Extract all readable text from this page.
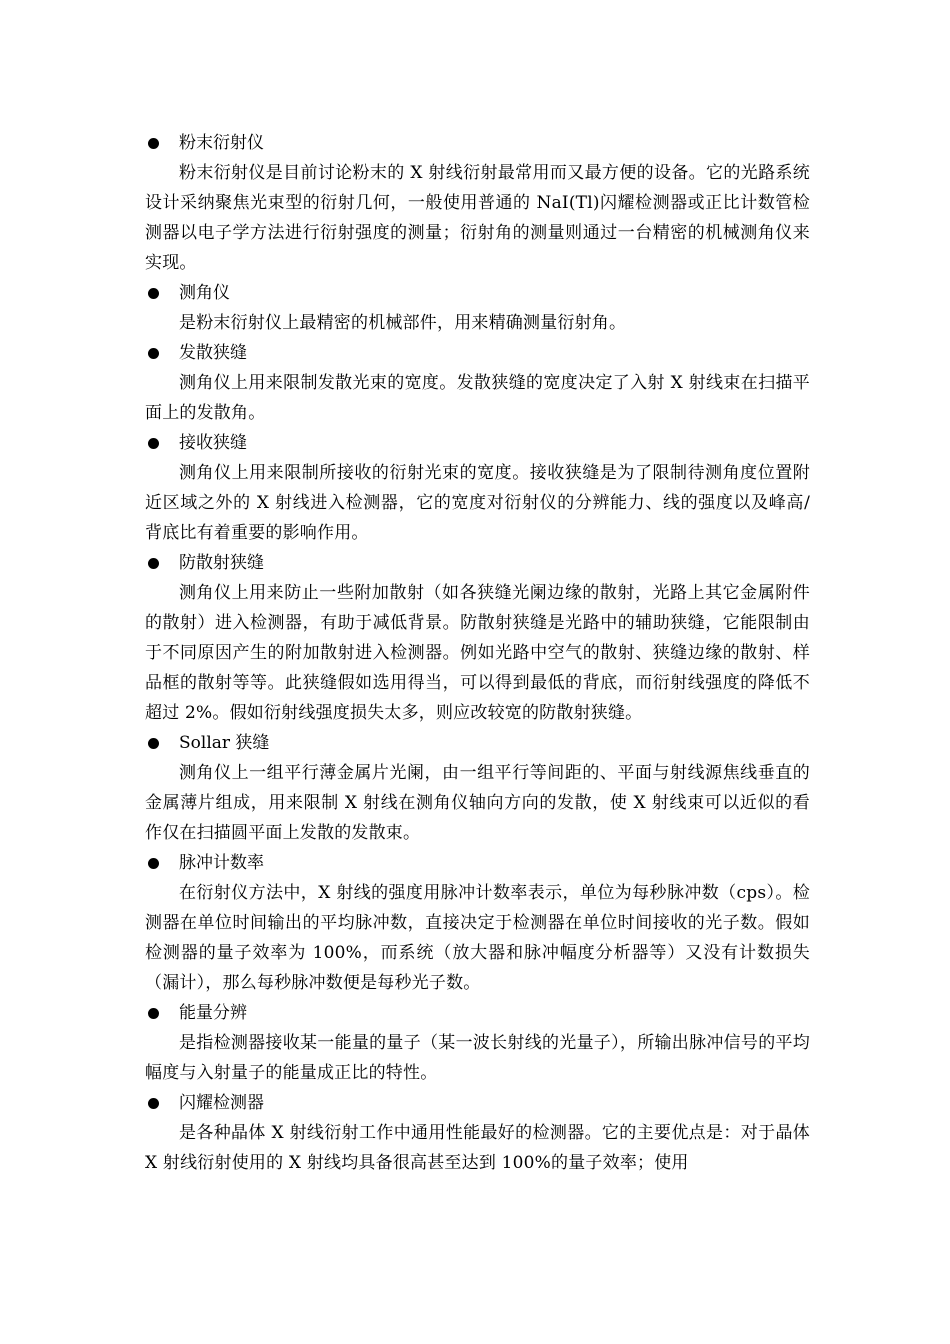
粉末衍射仪

粉末衍射仪是目前讨论粉末的 X 射线衍射最常用而又最方便的设备。它的光路系统设计采纳聚焦光束型的衍射几何，一般使用普通的 NaI(Tl)闪耀检测器或正比计数管检测器以电子学方法进行衍射强度的测量；衍射角的测量则通过一台精密的机械测角仪来实现。

测角仪

是粉末衍射仪上最精密的机械部件，用来精确测量衍射角。

发散狭缝

测角仪上用来限制发散光束的宽度。发散狭缝的宽度决定了入射 X 射线束在扫描平面上的发散角。

接收狭缝

测角仪上用来限制所接收的衍射光束的宽度。接收狭缝是为了限制待测角度位置附近区域之外的 X 射线进入检测器，它的宽度对衍射仪的分辨能力、线的强度以及峰高/背底比有着重要的影响作用。

防散射狭缝

测角仪上用来防止一些附加散射（如各狭缝光阑边缘的散射，光路上其它金属附件的散射）进入检测器，有助于减低背景。防散射狭缝是光路中的辅助狭缝，它能限制由于不同原因产生的附加散射进入检测器。例如光路中空气的散射、狭缝边缘的散射、样品框的散射等等。此狭缝假如选用得当，可以得到最低的背底，而衍射线强度的降低不超过 2%。假如衍射线强度损失太多，则应改较宽的防散射狭缝。

Sollar 狭缝

测角仪上一组平行薄金属片光阑，由一组平行等间距的、平面与射线源焦线垂直的金属薄片组成，用来限制 X 射线在测角仪轴向方向的发散，使 X 射线束可以近似的看作仅在扫描圆平面上发散的发散束。

脉冲计数率

在衍射仪方法中，X 射线的强度用脉冲计数率表示，单位为每秒脉冲数（cps）。检测器在单位时间输出的平均脉冲数，直接决定于检测器在单位时间接收的光子数。假如检测器的量子效率为 100%，而系统（放大器和脉冲幅度分析器等）又没有计数损失（漏计），那么每秒脉冲数便是每秒光子数。

能量分辨

是指检测器接收某一能量的量子（某一波长射线的光量子），所输出脉冲信号的平均幅度与入射量子的能量成正比的特性。

闪耀检测器

是各种晶体 X 射线衍射工作中通用性能最好的检测器。它的主要优点是：对于晶体 X 射线衍射使用的 X 射线均具备很高甚至达到 100%的量子效率；使用
